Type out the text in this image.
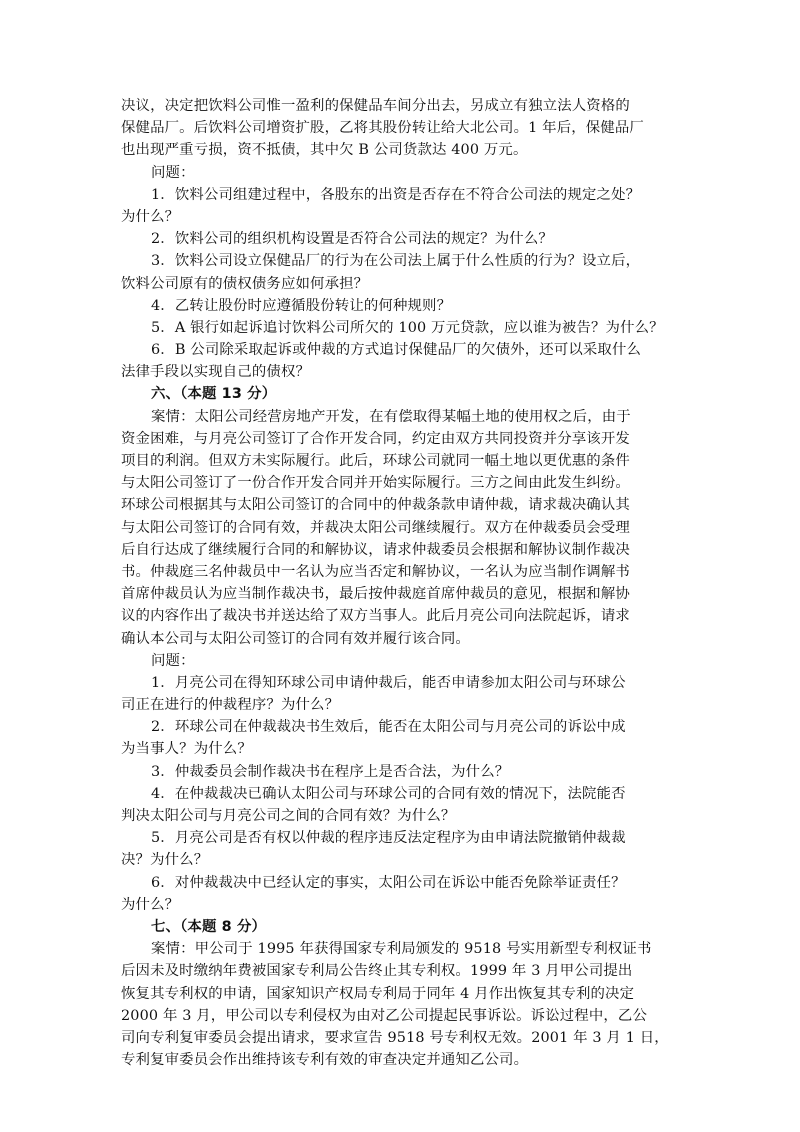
决议，决定把饮料公司惟一盈利的保健品车间分出去，另成立有独立法人资格的
保健品厂。后饮料公司增资扩股，乙将其股份转让给大北公司。1 年后，保健品厂
也出现严重亏损，资不抵债，其中欠 B 公司货款达 400 万元。
问题：
1．饮料公司组建过程中，各股东的出资是否存在不符合公司法的规定之处？
为什么？
2．饮料公司的组织机构设置是否符合公司法的规定？为什么？
3．饮料公司设立保健品厂的行为在公司法上属于什么性质的行为？设立后，
饮料公司原有的债权债务应如何承担？
4．乙转让股份时应遵循股份转让的何种规则？
5．A 银行如起诉追讨饮料公司所欠的 100 万元贷款，应以谁为被告？为什么？
6．B 公司除采取起诉或仲裁的方式追讨保健品厂的欠债外，还可以采取什么
法律手段以实现自己的债权？
六、（本题 13 分）
案情：太阳公司经营房地产开发，在有偿取得某幅土地的使用权之后，由于
资金困难，与月亮公司签订了合作开发合同，约定由双方共同投资并分享该开发
项目的利润。但双方未实际履行。此后，环球公司就同一幅土地以更优惠的条件
与太阳公司签订了一份合作开发合同并开始实际履行。三方之间由此发生纠纷。
环球公司根据其与太阳公司签订的合同中的仲裁条款申请仲裁，请求裁决确认其
与太阳公司签订的合同有效，并裁决太阳公司继续履行。双方在仲裁委员会受理
后自行达成了继续履行合同的和解协议，请求仲裁委员会根据和解协议制作裁决
书。仲裁庭三名仲裁员中一名认为应当否定和解协议，一名认为应当制作调解书
首席仲裁员认为应当制作裁决书，最后按仲裁庭首席仲裁员的意见，根据和解协
议的内容作出了裁决书并送达给了双方当事人。此后月亮公司向法院起诉，请求
确认本公司与太阳公司签订的合同有效并履行该合同。
问题：
1．月亮公司在得知环球公司申请仲裁后，能否申请参加太阳公司与环球公
司正在进行的仲裁程序？为什么？
2．环球公司在仲裁裁决书生效后，能否在太阳公司与月亮公司的诉讼中成
为当事人？为什么？
3．仲裁委员会制作裁决书在程序上是否合法，为什么？
4．在仲裁裁决已确认太阳公司与环球公司的合同有效的情况下，法院能否
判决太阳公司与月亮公司之间的合同有效？为什么？
5．月亮公司是否有权以仲裁的程序违反法定程序为由申请法院撤销仲裁裁
决？为什么？
6．对仲裁裁决中已经认定的事实，太阳公司在诉讼中能否免除举证责任？
为什么？
七、（本题 8 分）
案情：甲公司于 1995 年获得国家专利局颁发的 9518 号实用新型专利权证书
后因未及时缴纳年费被国家专利局公告终止其专利权。1999 年 3 月甲公司提出
恢复其专利权的申请，国家知识产权局专利局于同年 4 月作出恢复其专利的决定
2000 年 3 月，甲公司以专利侵权为由对乙公司提起民事诉讼。诉讼过程中，乙公
司向专利复审委员会提出请求，要求宣告 9518 号专利权无效。2001 年 3 月 1 日，
专利复审委员会作出维持该专利有效的审查决定并通知乙公司。
